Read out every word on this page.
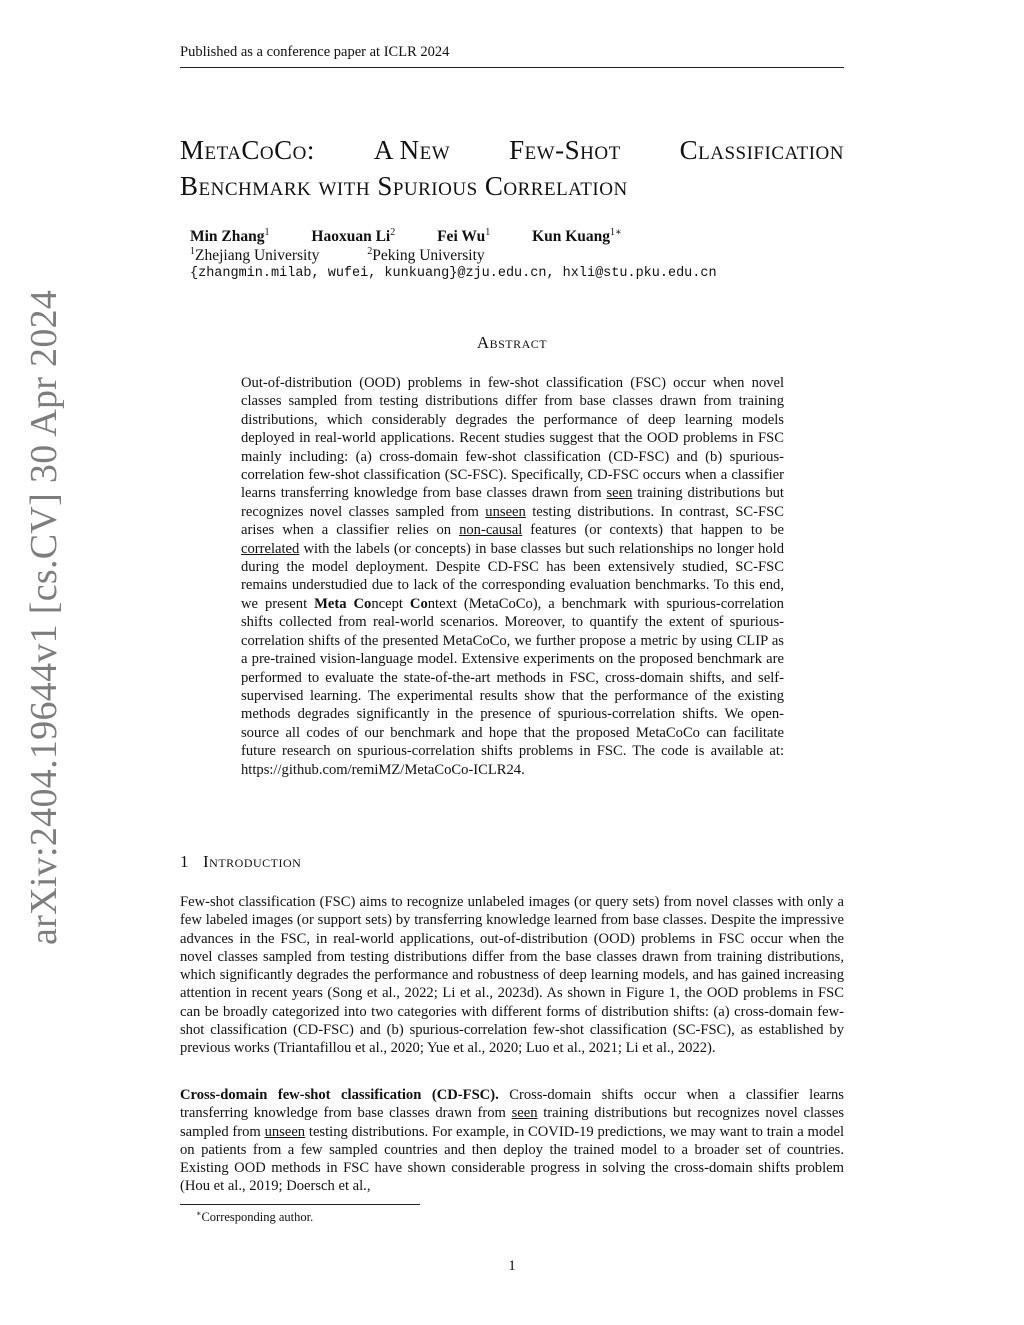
Published as a conference paper at ICLR 2024
arXiv:2404.19644v1 [cs.CV] 30 Apr 2024
MetaCoCo: A New Few-Shot Classification
Benchmark with Spurious Correlation
Min Zhang$^1$	Haoxuan Li$^2$	Fei Wu$^1$	Kun Kuang$^{1∗}$
$^1$Zhejiang University	$^2$Peking University
{zhangmin.milab, wufei, kunkuang}@zju.edu.cn, hxli@stu.pku.edu.cn
Abstract
Out-of-distribution (OOD) problems in few-shot classification (FSC) occur when novel classes sampled from testing distributions differ from base classes drawn from training distributions, which considerably degrades the performance of deep learning models deployed in real-world applications. Recent studies suggest that the OOD problems in FSC mainly including: (a) cross-domain few-shot classification (CD-FSC) and (b) spurious-correlation few-shot classification (SC-FSC). Specifically, CD-FSC occurs when a classifier learns transferring knowledge from base classes drawn from seen training distributions but recognizes novel classes sampled from unseen testing distributions. In contrast, SC-FSC arises when a classifier relies on non-causal features (or contexts) that happen to be correlated with the labels (or concepts) in base classes but such relationships no longer hold during the model deployment. Despite CD-FSC has been extensively studied, SC-FSC remains understudied due to lack of the corresponding evaluation benchmarks. To this end, we present Meta Concept Context (MetaCoCo), a benchmark with spurious-correlation shifts collected from real-world scenarios. Moreover, to quantify the extent of spurious-correlation shifts of the presented MetaCoCo, we further propose a metric by using CLIP as a pre-trained vision-language model. Extensive experiments on the proposed benchmark are performed to evaluate the state-of-the-art methods in FSC, cross-domain shifts, and self-supervised learning. The experimental results show that the performance of the existing methods degrades significantly in the presence of spurious-correlation shifts. We open-source all codes of our benchmark and hope that the proposed MetaCoCo can facilitate future research on spurious-correlation shifts problems in FSC. The code is available at: https://github.com/remiMZ/MetaCoCo-ICLR24.
1 Introduction
Few-shot classification (FSC) aims to recognize unlabeled images (or query sets) from novel classes with only a few labeled images (or support sets) by transferring knowledge learned from base classes. Despite the impressive advances in the FSC, in real-world applications, out-of-distribution (OOD) problems in FSC occur when the novel classes sampled from testing distributions differ from the base classes drawn from training distributions, which significantly degrades the performance and robustness of deep learning models, and has gained increasing attention in recent years (Song et al., 2022; Li et al., 2023d). As shown in Figure 1, the OOD problems in FSC can be broadly categorized into two categories with different forms of distribution shifts: (a) cross-domain few-shot classification (CD-FSC) and (b) spurious-correlation few-shot classification (SC-FSC), as established by previous works (Triantafillou et al., 2020; Yue et al., 2020; Luo et al., 2021; Li et al., 2022).
Cross-domain few-shot classification (CD-FSC). Cross-domain shifts occur when a classifier learns transferring knowledge from base classes drawn from seen training distributions but recognizes novel classes sampled from unseen testing distributions. For example, in COVID-19 predictions, we may want to train a model on patients from a few sampled countries and then deploy the trained model to a broader set of countries. Existing OOD methods in FSC have shown considerable progress in solving the cross-domain shifts problem (Hou et al., 2019; Doersch et al.,
∗Corresponding author.
1
